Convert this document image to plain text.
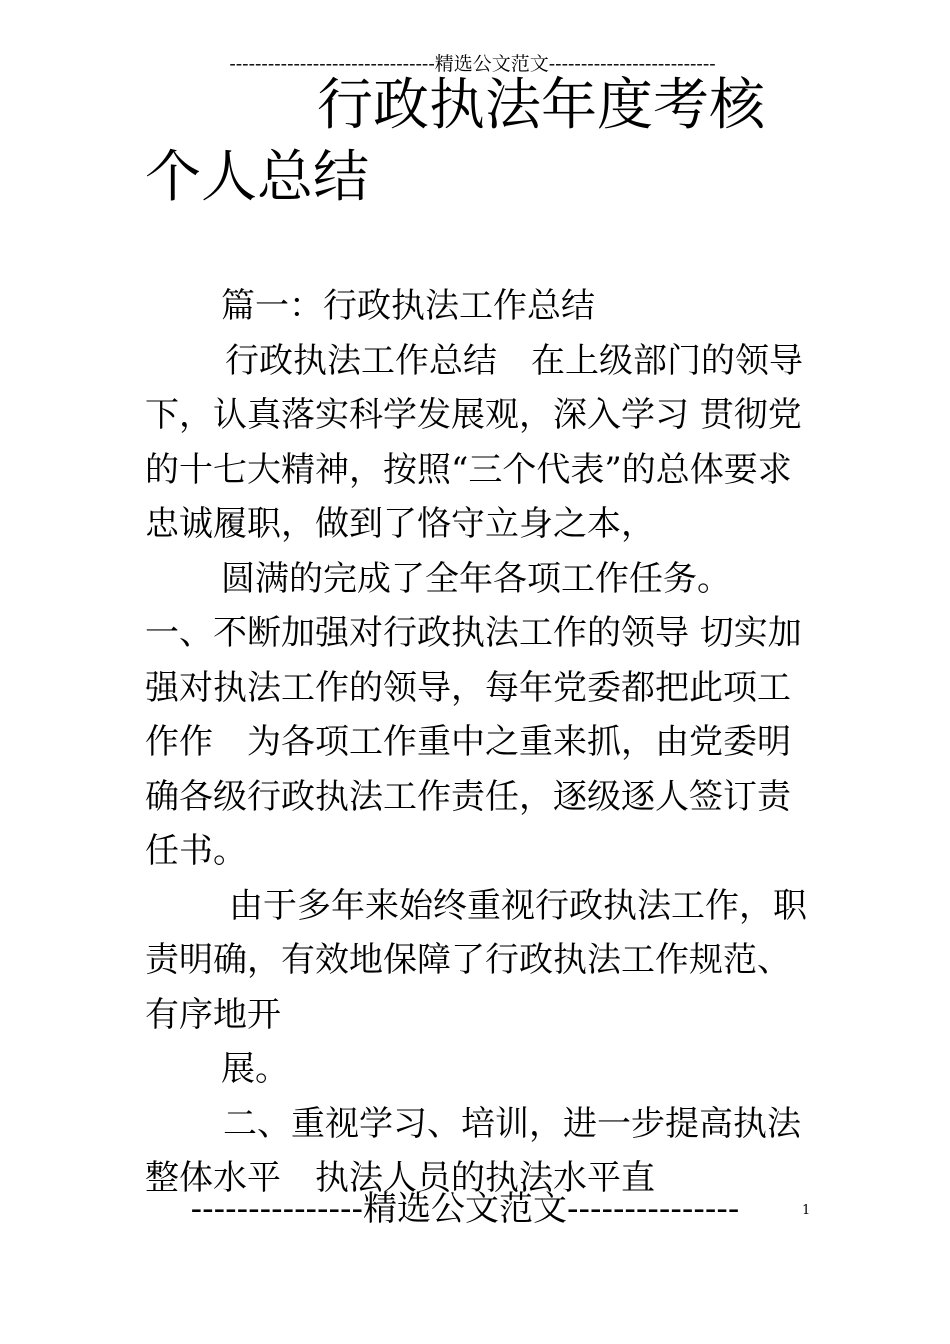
--------------------------------精选公文范文--------------------------
行政执法年度考核
个人总结

篇一：行政执法工作总结

行政执法工作总结　在上级部门的领导下，认真落实科学发展观，深入学习 贯彻党的十七大精神，按照“三个代表”的总体要求忠诚履职，做到了恪守立身之本，

圆满的完成了全年各项工作任务。

一、不断加强对行政执法工作的领导 切实加强对执法工作的领导，每年党委都把此项工作作　为各项工作重中之重来抓，由党委明确各级行政执法工作责任，逐级逐人签订责任书。

由于多年来始终重视行政执法工作，职责明确，有效地保障了行政执法工作规范、有序地开

展。

二、重视学习、培训，进一步提高执法整体水平　执法人员的执法水平直

---------------精选公文范文---------------	1
